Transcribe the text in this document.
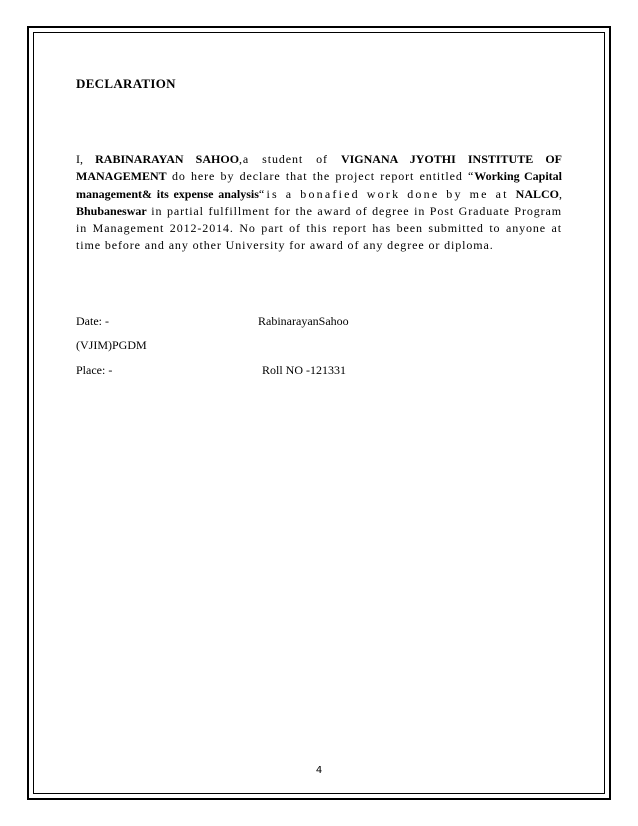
DECLARATION

I, RABINARAYAN SAHOO,a student of VIGNANA JYOTHI INSTITUTE OF MANAGEMENT do here by declare that the project report entitled “Working Capital management& its expense analysis“is a bonafied work done by me at NALCO, Bhubaneswar in partial fulfillment for the award of degree in Post Graduate Program in Management 2012-2014. No part of this report has been submitted to anyone at time before and any other University for award of any degree or diploma.

Date: -	RabinarayanSahoo
(VJIM)PGDM
Place: -	Roll NO -121331
4
